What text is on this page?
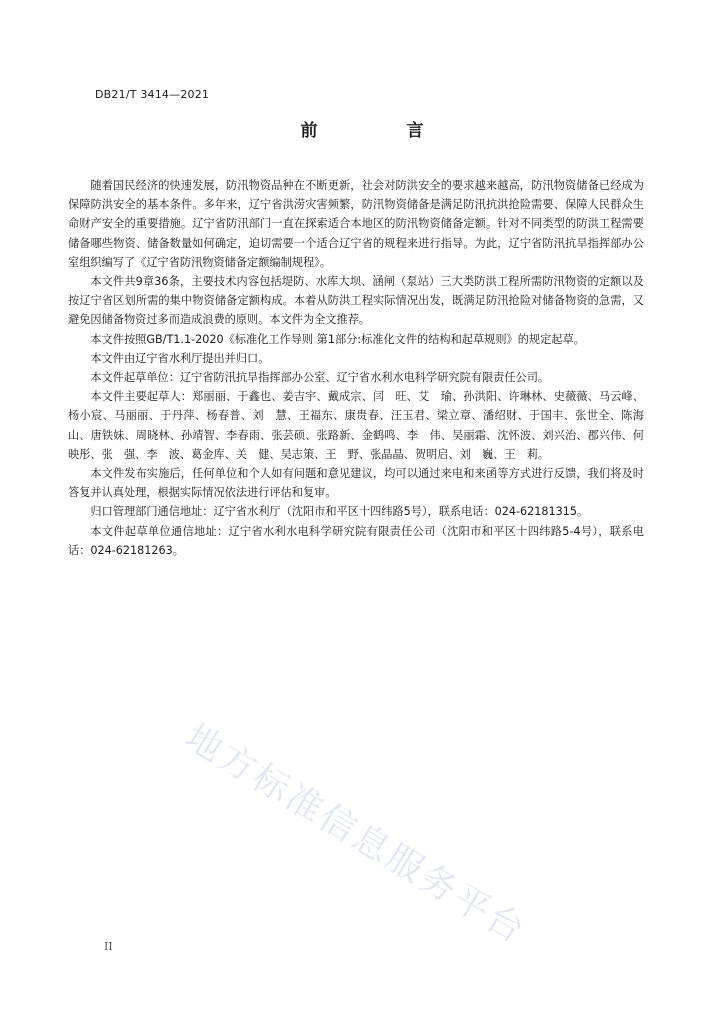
DB21/T 3414—2021
前　言

随着国民经济的快速发展，防汛物资品种在不断更新，社会对防洪安全的要求越来越高，防汛物资储备已经成为保障防洪安全的基本条件。多年来，辽宁省洪涝灾害频繁，防汛物资储备是满足防汛抗洪抢险需要、保障人民群众生命财产安全的重要措施。辽宁省防汛部门一直在探索适合本地区的防汛物资储备定额。针对不同类型的防洪工程需要储备哪些物资、储备数量如何确定，迫切需要一个适合辽宁省的规程来进行指导。为此，辽宁省防汛抗旱指挥部办公室组织编写了《辽宁省防汛物资储备定额编制规程》。

本文件共9章36条，主要技术内容包括堤防、水库大坝、涵闸（泵站）三大类防洪工程所需防汛物资的定额以及按辽宁省区划所需的集中物资储备定额构成。本着从防洪工程实际情况出发，既满足防汛抢险对储备物资的急需，又避免因储备物资过多而造成浪费的原则。本文件为全文推荐。

本文件按照GB/T1.1-2020《标准化工作导则 第1部分:标准化文件的结构和起草规则》的规定起草。

本文件由辽宁省水利厅提出并归口。

本文件起草单位：辽宁省防汛抗旱指挥部办公室、辽宁省水利水电科学研究院有限责任公司。

本文件主要起草人：郑丽丽、于鑫也、姜吉宇、戴成宗、闫　旺、艾　瑜、孙洪阳、许琳林、史薇薇、马云峰、杨小宸、马丽丽、于丹萍、杨春普、刘　慧、王福东、康贵春、汪玉君、梁立章、潘绍财、于国丰、张世全、陈海山、唐铁妹、周晓林、孙靖智、李春雨、张芸硕、张路新、金鹤鸣、李　伟、吴丽霜、沈怀波、刘兴治、郡兴伟、何映彤、张　强、李　波、葛金库、关　健、吴志策、王　野、张晶晶、贺明启、刘　巍、王　莉。

本文件发布实施后，任何单位和个人如有问题和意见建议，均可以通过来电和来函等方式进行反馈，我们将及时答复并认真处理，根据实际情况依法进行评估和复审。

归口管理部门通信地址：辽宁省水利厅（沈阳市和平区十四纬路5号），联系电话：024-62181315。

本文件起草单位通信地址：辽宁省水利水电科学研究院有限责任公司（沈阳市和平区十四纬路5-4号），联系电话：024-62181263。

地方标准信息服务平台
II
